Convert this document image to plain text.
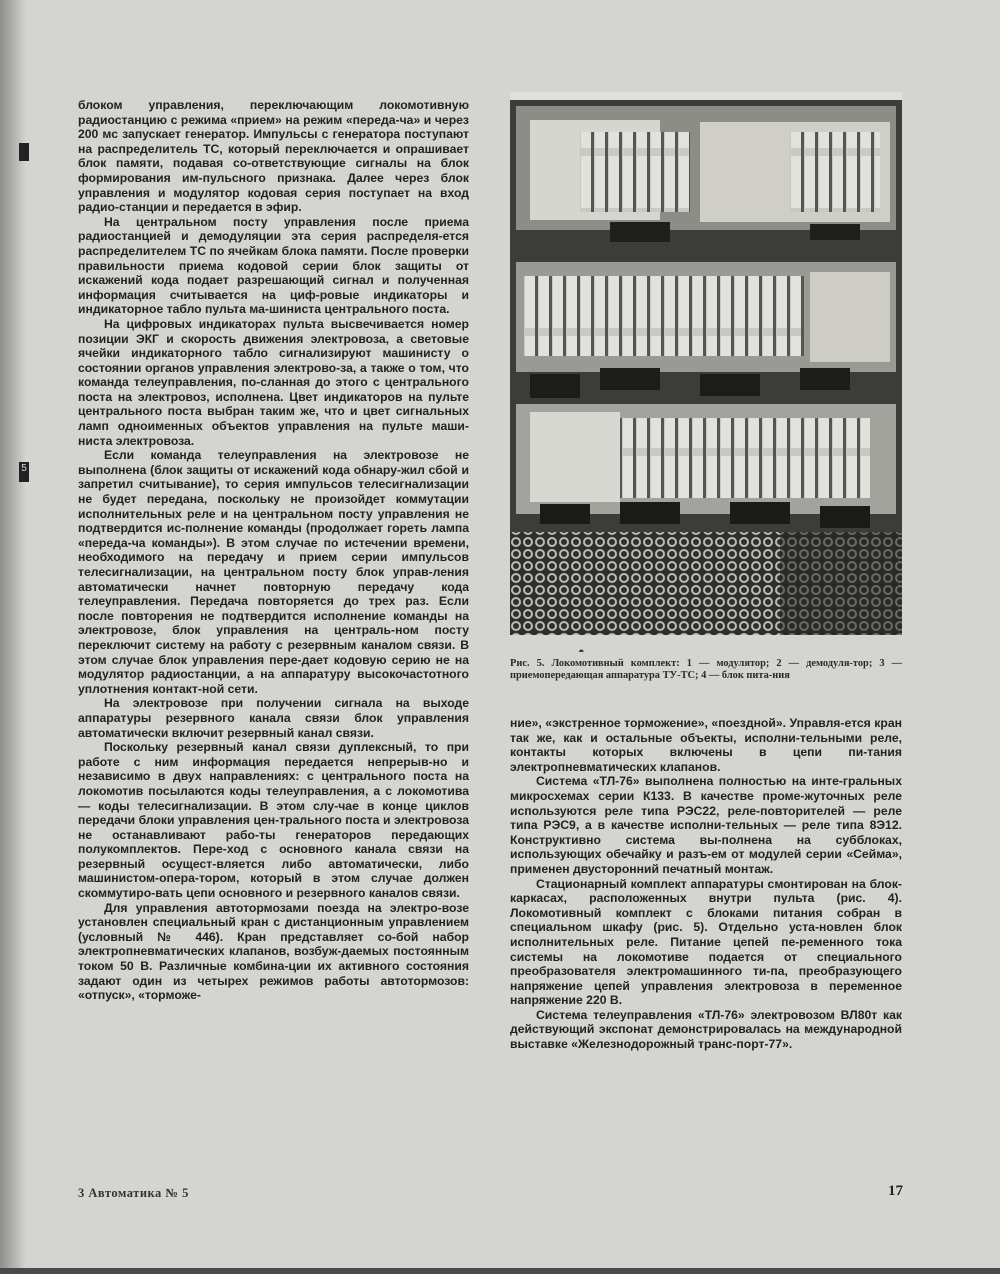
5

блоком управления, переключающим локомотивную радиостанцию с режима «прием» на режим «переда-ча» и через 200 мс запускает генератор. Импульсы с генератора поступают на распределитель ТС, который переключается и опрашивает блок памяти, подавая со-ответствующие сигналы на блок формирования им-пульсного признака. Далее через блок управления и модулятор кодовая серия поступает на вход радио-станции и передается в эфир.

На центральном посту управления после приема радиостанцией и демодуляции эта серия распределя-ется распределителем ТС по ячейкам блока памяти. После проверки правильности приема кодовой серии блок защиты от искажений кода подает разрешающий сигнал и полученная информация считывается на циф-ровые индикаторы и индикаторное табло пульта ма-шиниста центрального поста.

На цифровых индикаторах пульта высвечивается номер позиции ЭКГ и скорость движения электровоза, а световые ячейки индикаторного табло сигнализируют машинисту о состоянии органов управления электрово-за, а также о том, что команда телеуправления, по-сланная до этого с центрального поста на электровоз, исполнена. Цвет индикаторов на пульте центрального поста выбран таким же, что и цвет сигнальных ламп одноименных объектов управления на пульте маши-ниста электровоза.

Если команда телеуправления на электровозе не выполнена (блок защиты от искажений кода обнару-жил сбой и запретил считывание), то серия импульсов телесигнализации не будет передана, поскольку не произойдет коммутации исполнительных реле и на центральном посту управления не подтвердится ис-полнение команды (продолжает гореть лампа «переда-ча команды»). В этом случае по истечении времени, необходимого на передачу и прием серии импульсов телесигнализации, на центральном посту блок управ-ления автоматически начнет повторную передачу кода телеуправления. Передача повторяется до трех раз. Если после повторения не подтвердится исполнение команды на электровозе, блок управления на централь-ном посту переключит систему на работу с резервным каналом связи. В этом случае блок управления пере-дает кодовую серию не на модулятор радиостанции, а на аппаратуру высокочастотного уплотнения контакт-ной сети.

На электровозе при получении сигнала на выходе аппаратуры резервного канала связи блок управления автоматически включит резервный канал связи.

Поскольку резервный канал связи дуплексный, то при работе с ним информация передается непрерыв-но и независимо в двух направлениях: с центрального поста на локомотив посылаются коды телеуправления, а с локомотива — коды телесигнализации. В этом слу-чае в конце циклов передачи блоки управления цен-трального поста и электровоза не останавливают рабо-ты генераторов передающих полукомплектов. Пере-ход с основного канала связи на резервный осущест-вляется либо автоматически, либо машинистом-опера-тором, который в этом случае должен скоммутиро-вать цепи основного и резервного каналов связи.

Для управления автотормозами поезда на электро-возе установлен специальный кран с дистанционным управлением (условный № 446). Кран представляет со-бой набор электропневматических клапанов, возбуж-даемых постоянным током 50 В. Различные комбина-ции их активного состояния задают один из четырех режимов работы автотормозов: «отпуск», «торможе-

◓
Рис. 5. Локомотивный комплект: 1 — модулятор; 2 — демодуля-тор; 3 — приемопередающая аппаратура ТУ-ТС; 4 — блок пита-ния

ние», «экстренное торможение», «поездной». Управля-ется кран так же, как и остальные объекты, исполни-тельными реле, контакты которых включены в цепи пи-тания электропневматических клапанов.

Система «ТЛ-76» выполнена полностью на инте-гральных микросхемах серии К133. В качестве проме-жуточных реле используются реле типа РЭС22, реле-повторителей — реле типа РЭС9, а в качестве исполни-тельных — реле типа 8Э12. Конструктивно система вы-полнена на субблоках, использующих обечайку и разъ-ем от модулей серии «Сейма», применен двусторонний печатный монтаж.

Стационарный комплект аппаратуры смонтирован на блок-каркасах, расположенных внутри пульта (рис. 4). Локомотивный комплект с блоками питания собран в специальном шкафу (рис. 5). Отдельно уста-новлен блок исполнительных реле. Питание цепей пе-ременного тока системы на локомотиве подается от специального преобразователя электромашинного ти-па, преобразующего напряжение цепей управления электровоза в переменное напряжение 220 В.

Система телеуправления «ТЛ-76» электровозом ВЛ80т как действующий экспонат демонстрировалась на международной выставке «Железнодорожный транс-порт-77».

3 Автоматика № 5	17
